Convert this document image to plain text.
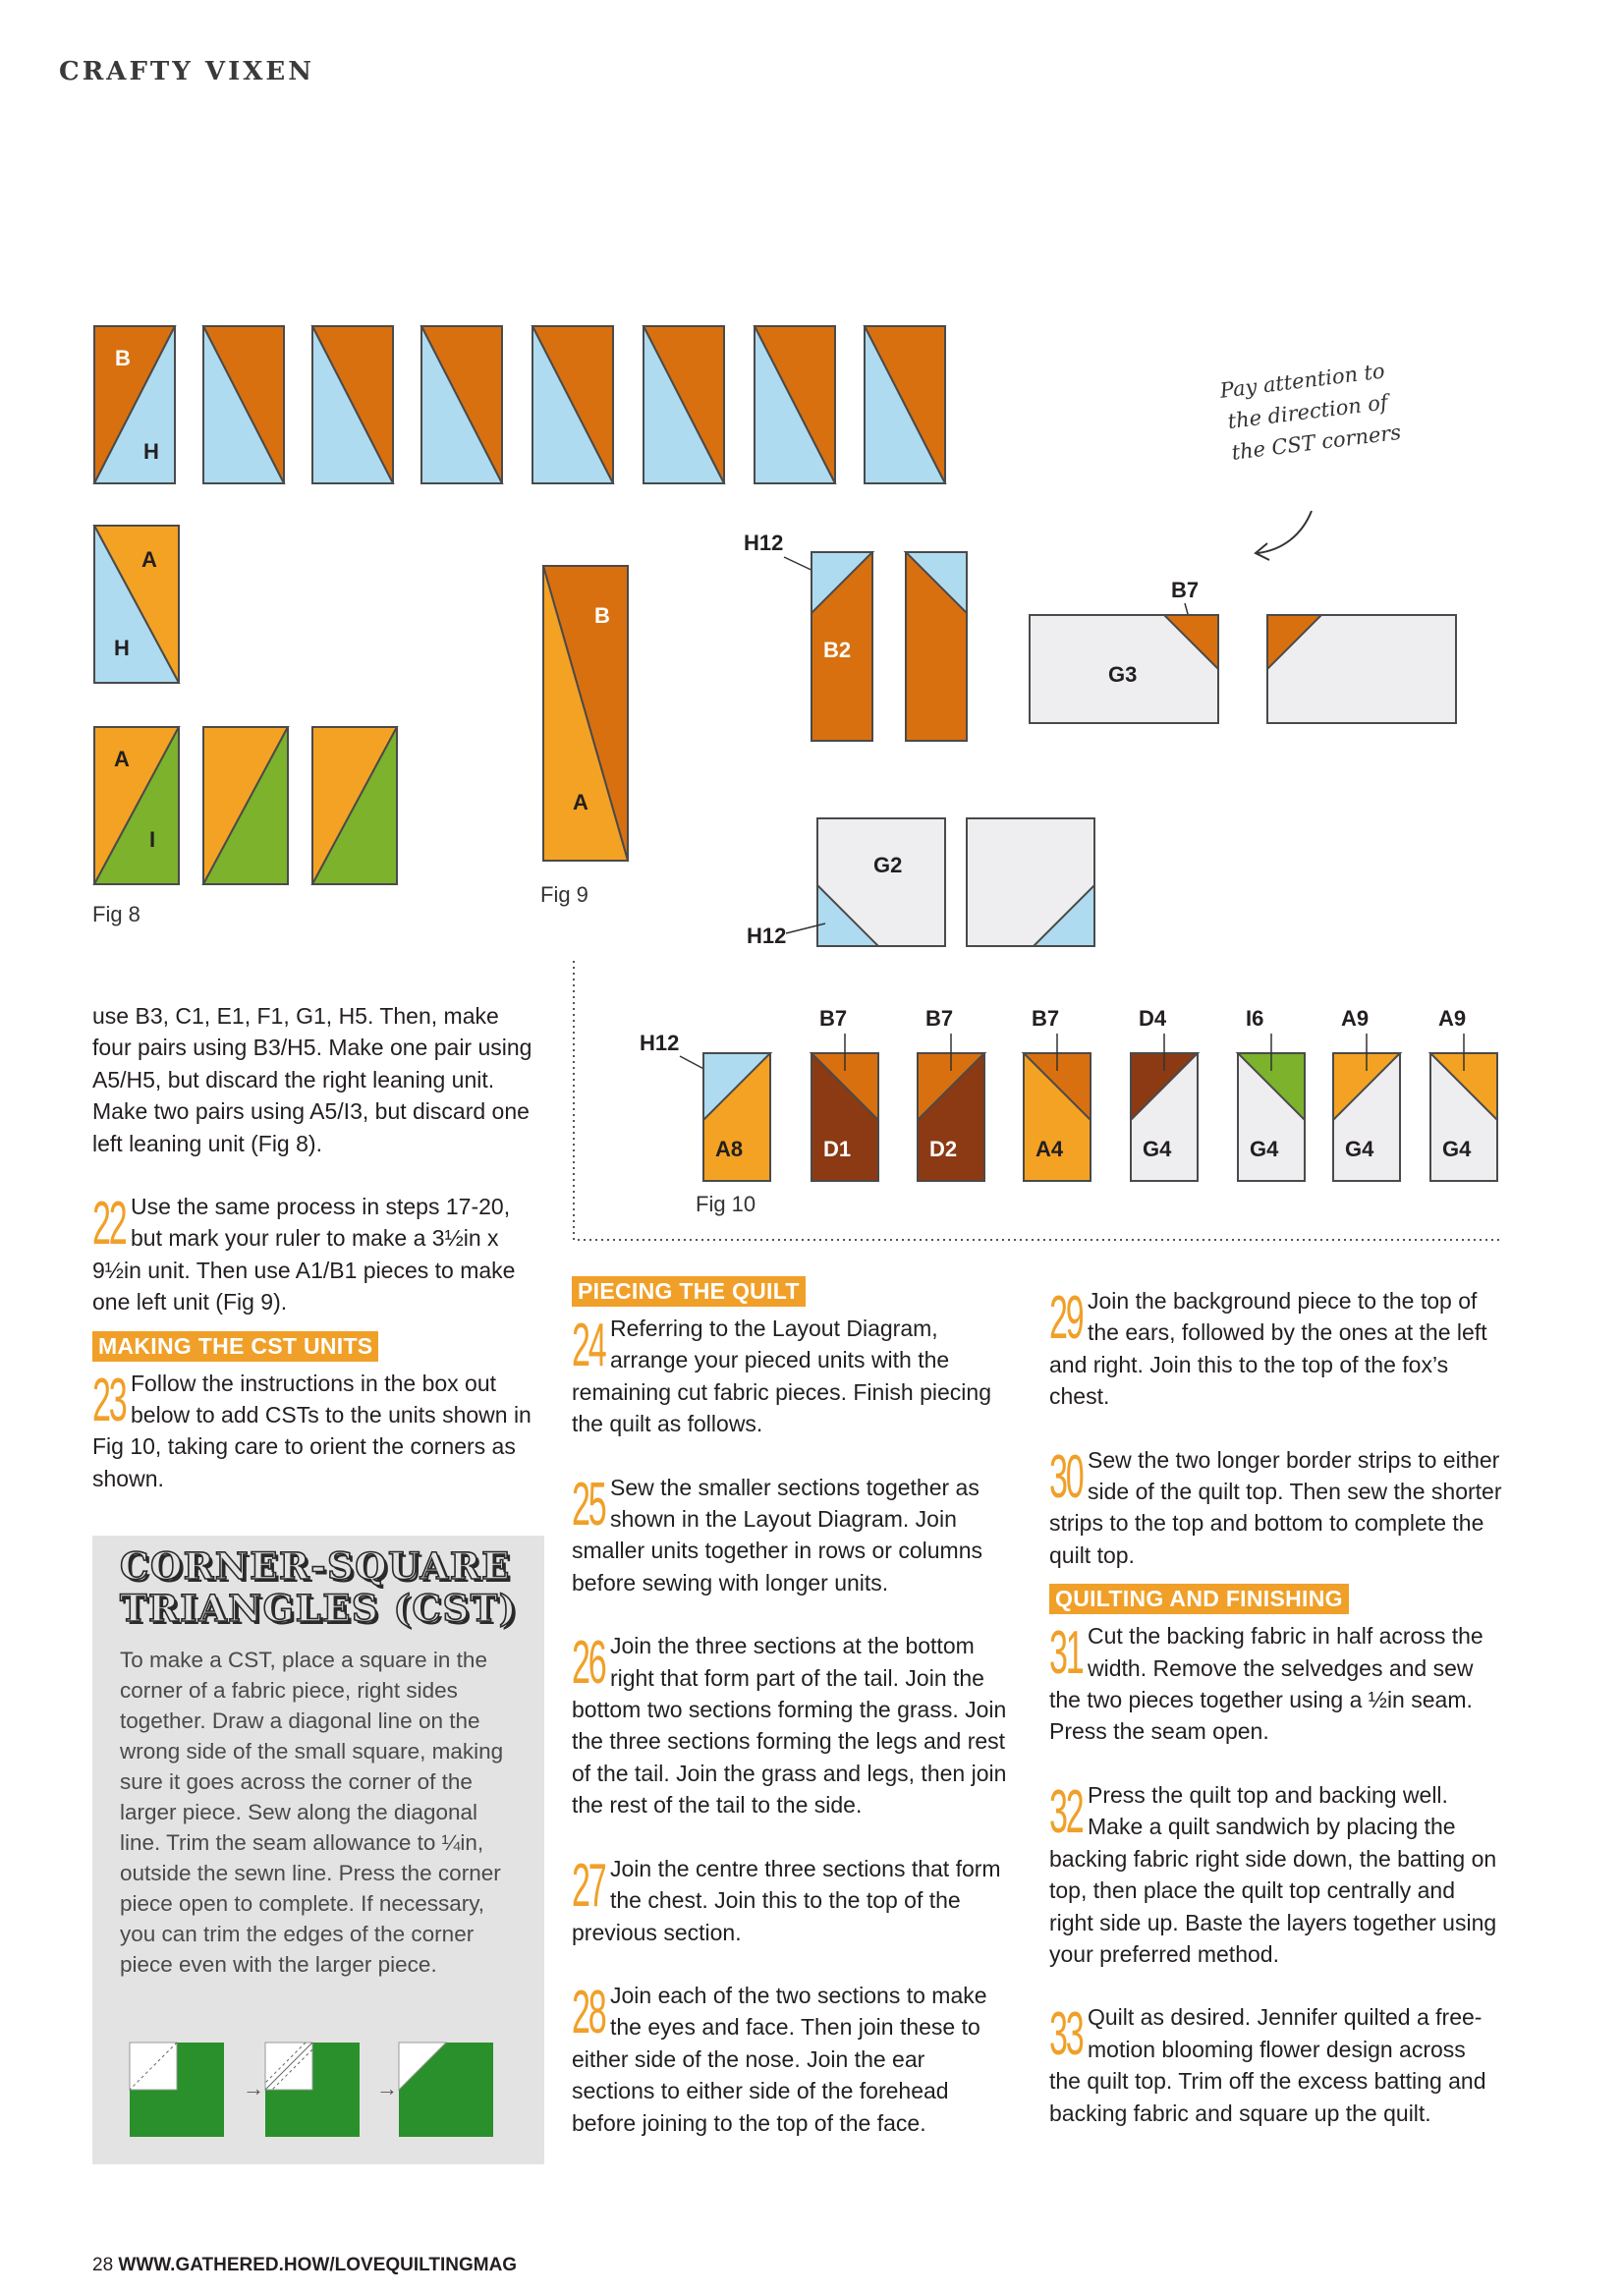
CRAFTY VIXEN
B
H
A
H
A
I
B
A
H12
B2
B7
G3
G2
H12
H12
A8
B7
D1
B7
D2
B7
A4
D4
G4
I6
G4
A9
G4
A9
G4
Pay attention to
the direction of
the CST corners
Fig 8
Fig 9
Fig 10

use B3, C1, E1, F1, G1, H5. Then, make four pairs using B3/H5. Make one pair using A5/H5, but discard the right leaning unit. Make two pairs using A5/I3, but discard one left leaning unit (Fig 8).

22 Use the same process in steps 17-20, but mark your ruler to make a 3½in x 9½in unit. Then use A1/B1 pieces to make one left unit (Fig 9).

MAKING THE CST UNITS

23 Follow the instructions in the box out below to add CSTs to the units shown in Fig 10, taking care to orient the corners as shown.

CORNER-SQUARE
TRIANGLES (CST)
To make a CST, place a square in the corner of a fabric piece, right sides together. Draw a diagonal line on the wrong side of the small square, making sure it goes across the corner of the larger piece. Sew along the diagonal line. Trim the seam allowance to ¼in, outside the sewn line. Press the corner piece open to complete. If necessary, you can trim the edges of the corner piece even with the larger piece.
→	→
PIECING THE QUILT

24 Referring to the Layout Diagram, arrange your pieced units with the remaining cut fabric pieces. Finish piecing the quilt as follows.

25 Sew the smaller sections together as shown in the Layout Diagram. Join smaller units together in rows or columns before sewing with longer units.

26 Join the three sections at the bottom right that form part of the tail. Join the bottom two sections forming the grass. Join the three sections forming the legs and rest of the tail. Join the grass and legs, then join the rest of the tail to the side.

27 Join the centre three sections that form the chest. Join this to the top of the previous section.

28 Join each of the two sections to make the eyes and face. Then join these to either side of the nose. Join the ear sections to either side of the forehead before joining to the top of the face.

29 Join the background piece to the top of the ears, followed by the ones at the left and right. Join this to the top of the fox’s chest.

30 Sew the two longer border strips to either side of the quilt top. Then sew the shorter strips to the top and bottom to complete the quilt top.

QUILTING AND FINISHING

31 Cut the backing fabric in half across the width. Remove the selvedges and sew the two pieces together using a ½in seam. Press the seam open.

32 Press the quilt top and backing well. Make a quilt sandwich by placing the backing fabric right side down, the batting on top, then place the quilt top centrally and right side up. Baste the layers together using your preferred method.

33 Quilt as desired. Jennifer quilted a free-motion blooming flower design across the quilt top. Trim off the excess batting and backing fabric and square up the quilt.

28 WWW.GATHERED.HOW/LOVEQUILTINGMAG
